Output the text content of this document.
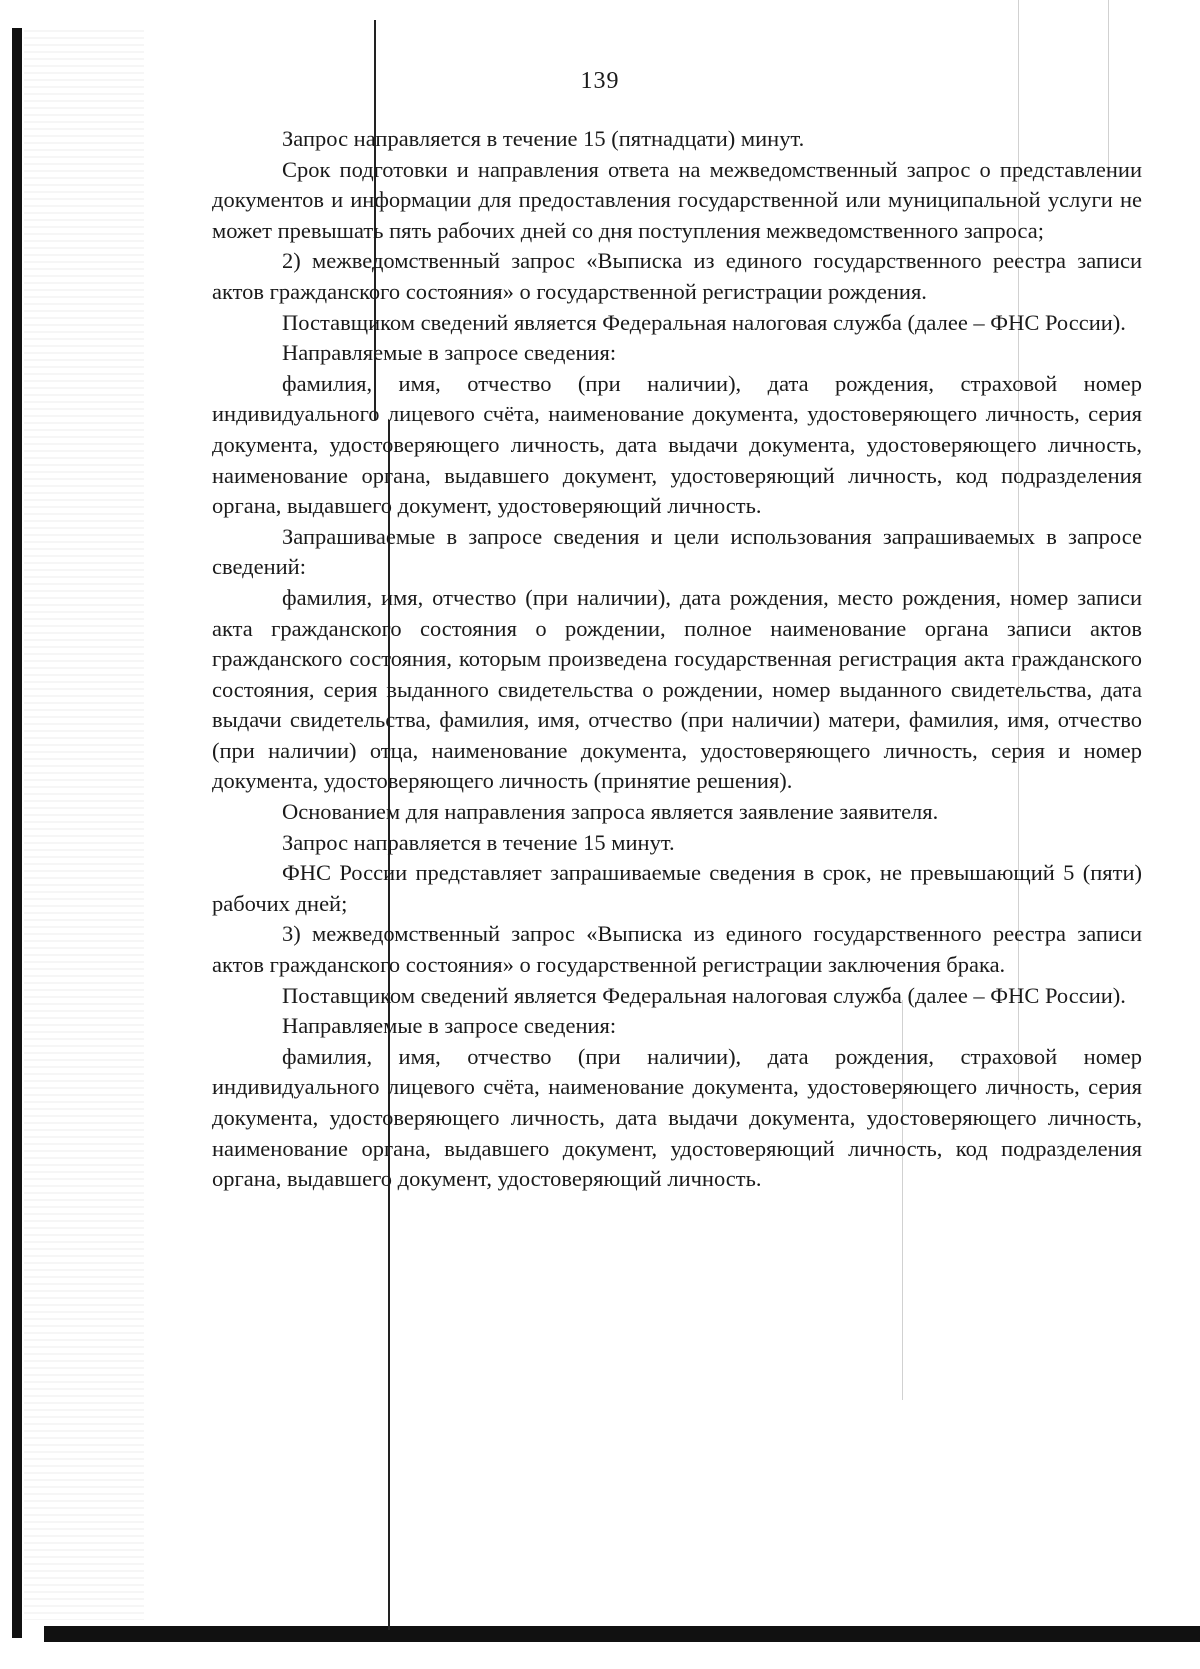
139

Запрос направляется в течение 15 (пятнадцати) минут.

Срок подготовки и направления ответа на межведомственный запрос о представлении документов и информации для предоставления государственной или муниципальной услуги не может превышать пять рабочих дней со дня поступления межведомственного запроса;

2) межведомственный запрос «Выписка из единого государственного реестра записи актов гражданского состояния» о государственной регистрации рождения.

Поставщиком сведений является Федеральная налоговая служба (далее – ФНС России).

Направляемые в запросе сведения:

фамилия, имя, отчество (при наличии), дата рождения, страховой номер индивидуального лицевого счёта, наименование документа, удостоверяющего личность, серия документа, удостоверяющего личность, дата выдачи документа, удостоверяющего личность, наименование органа, выдавшего документ, удостоверяющий личность, код подразделения органа, выдавшего документ, удостоверяющий личность.

Запрашиваемые в запросе сведения и цели использования запрашиваемых в запросе сведений:

фамилия, имя, отчество (при наличии), дата рождения, место рождения, номер записи акта гражданского состояния о рождении, полное наименование органа записи актов гражданского состояния, которым произведена государственная регистрация акта гражданского состояния, серия выданного свидетельства о рождении, номер выданного свидетельства, дата выдачи свидетельства, фамилия, имя, отчество (при наличии) матери, фамилия, имя, отчество (при наличии) отца, наименование документа, удостоверяющего личность, серия и номер документа, удостоверяющего личность (принятие решения).

Основанием для направления запроса является заявление заявителя.

Запрос направляется в течение 15 минут.

ФНС России представляет запрашиваемые сведения в срок, не превышающий 5 (пяти) рабочих дней;

3) межведомственный запрос «Выписка из единого государственного реестра записи актов гражданского состояния» о государственной регистрации заключения брака.

Поставщиком сведений является Федеральная налоговая служба (далее – ФНС России).

Направляемые в запросе сведения:

фамилия, имя, отчество (при наличии), дата рождения, страховой номер индивидуального лицевого счёта, наименование документа, удостоверяющего личность, серия документа, удостоверяющего личность, дата выдачи документа, удостоверяющего личность, наименование органа, выдавшего документ, удостоверяющий личность, код подразделения органа, выдавшего документ, удостоверяющий личность.
